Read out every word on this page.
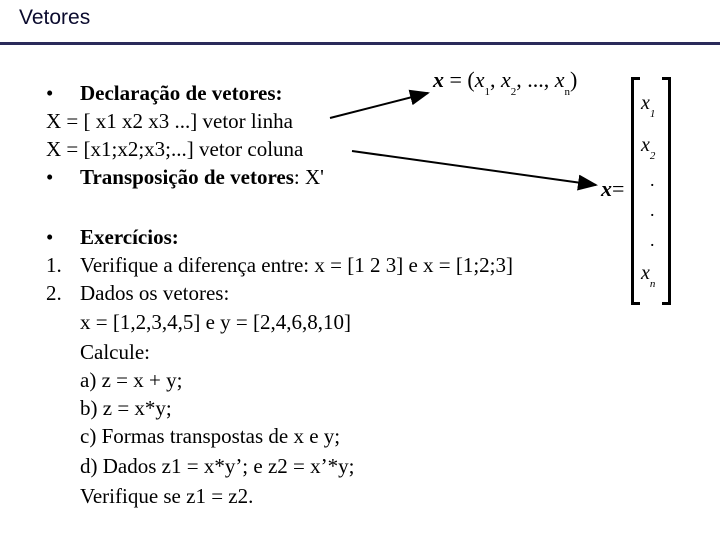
Vetores
• Declaração de vetores:
X = [ x1 x2 x3 ...] vetor linha
X = [x1;x2;x3;...] vetor coluna
• Transposição de vetores: X'
• Exercícios:
1. Verifique a diferença entre: x = [1 2 3] e x = [1;2;3]
2. Dados os vetores:
x = [1,2,3,4,5] e y = [2,4,6,8,10]
Calcule:
a) z = x + y;
b) z = x*y;
c) Formas transpostas de x e y;
d) Dados z1 = x*y’; e z2 = x’*y;
Verifique se z1 = z2.
$x = (x_1$, $x_2$, ..., $x_n$)
x=
$x_1$
$x_2$
.
.
.
$x_n$
